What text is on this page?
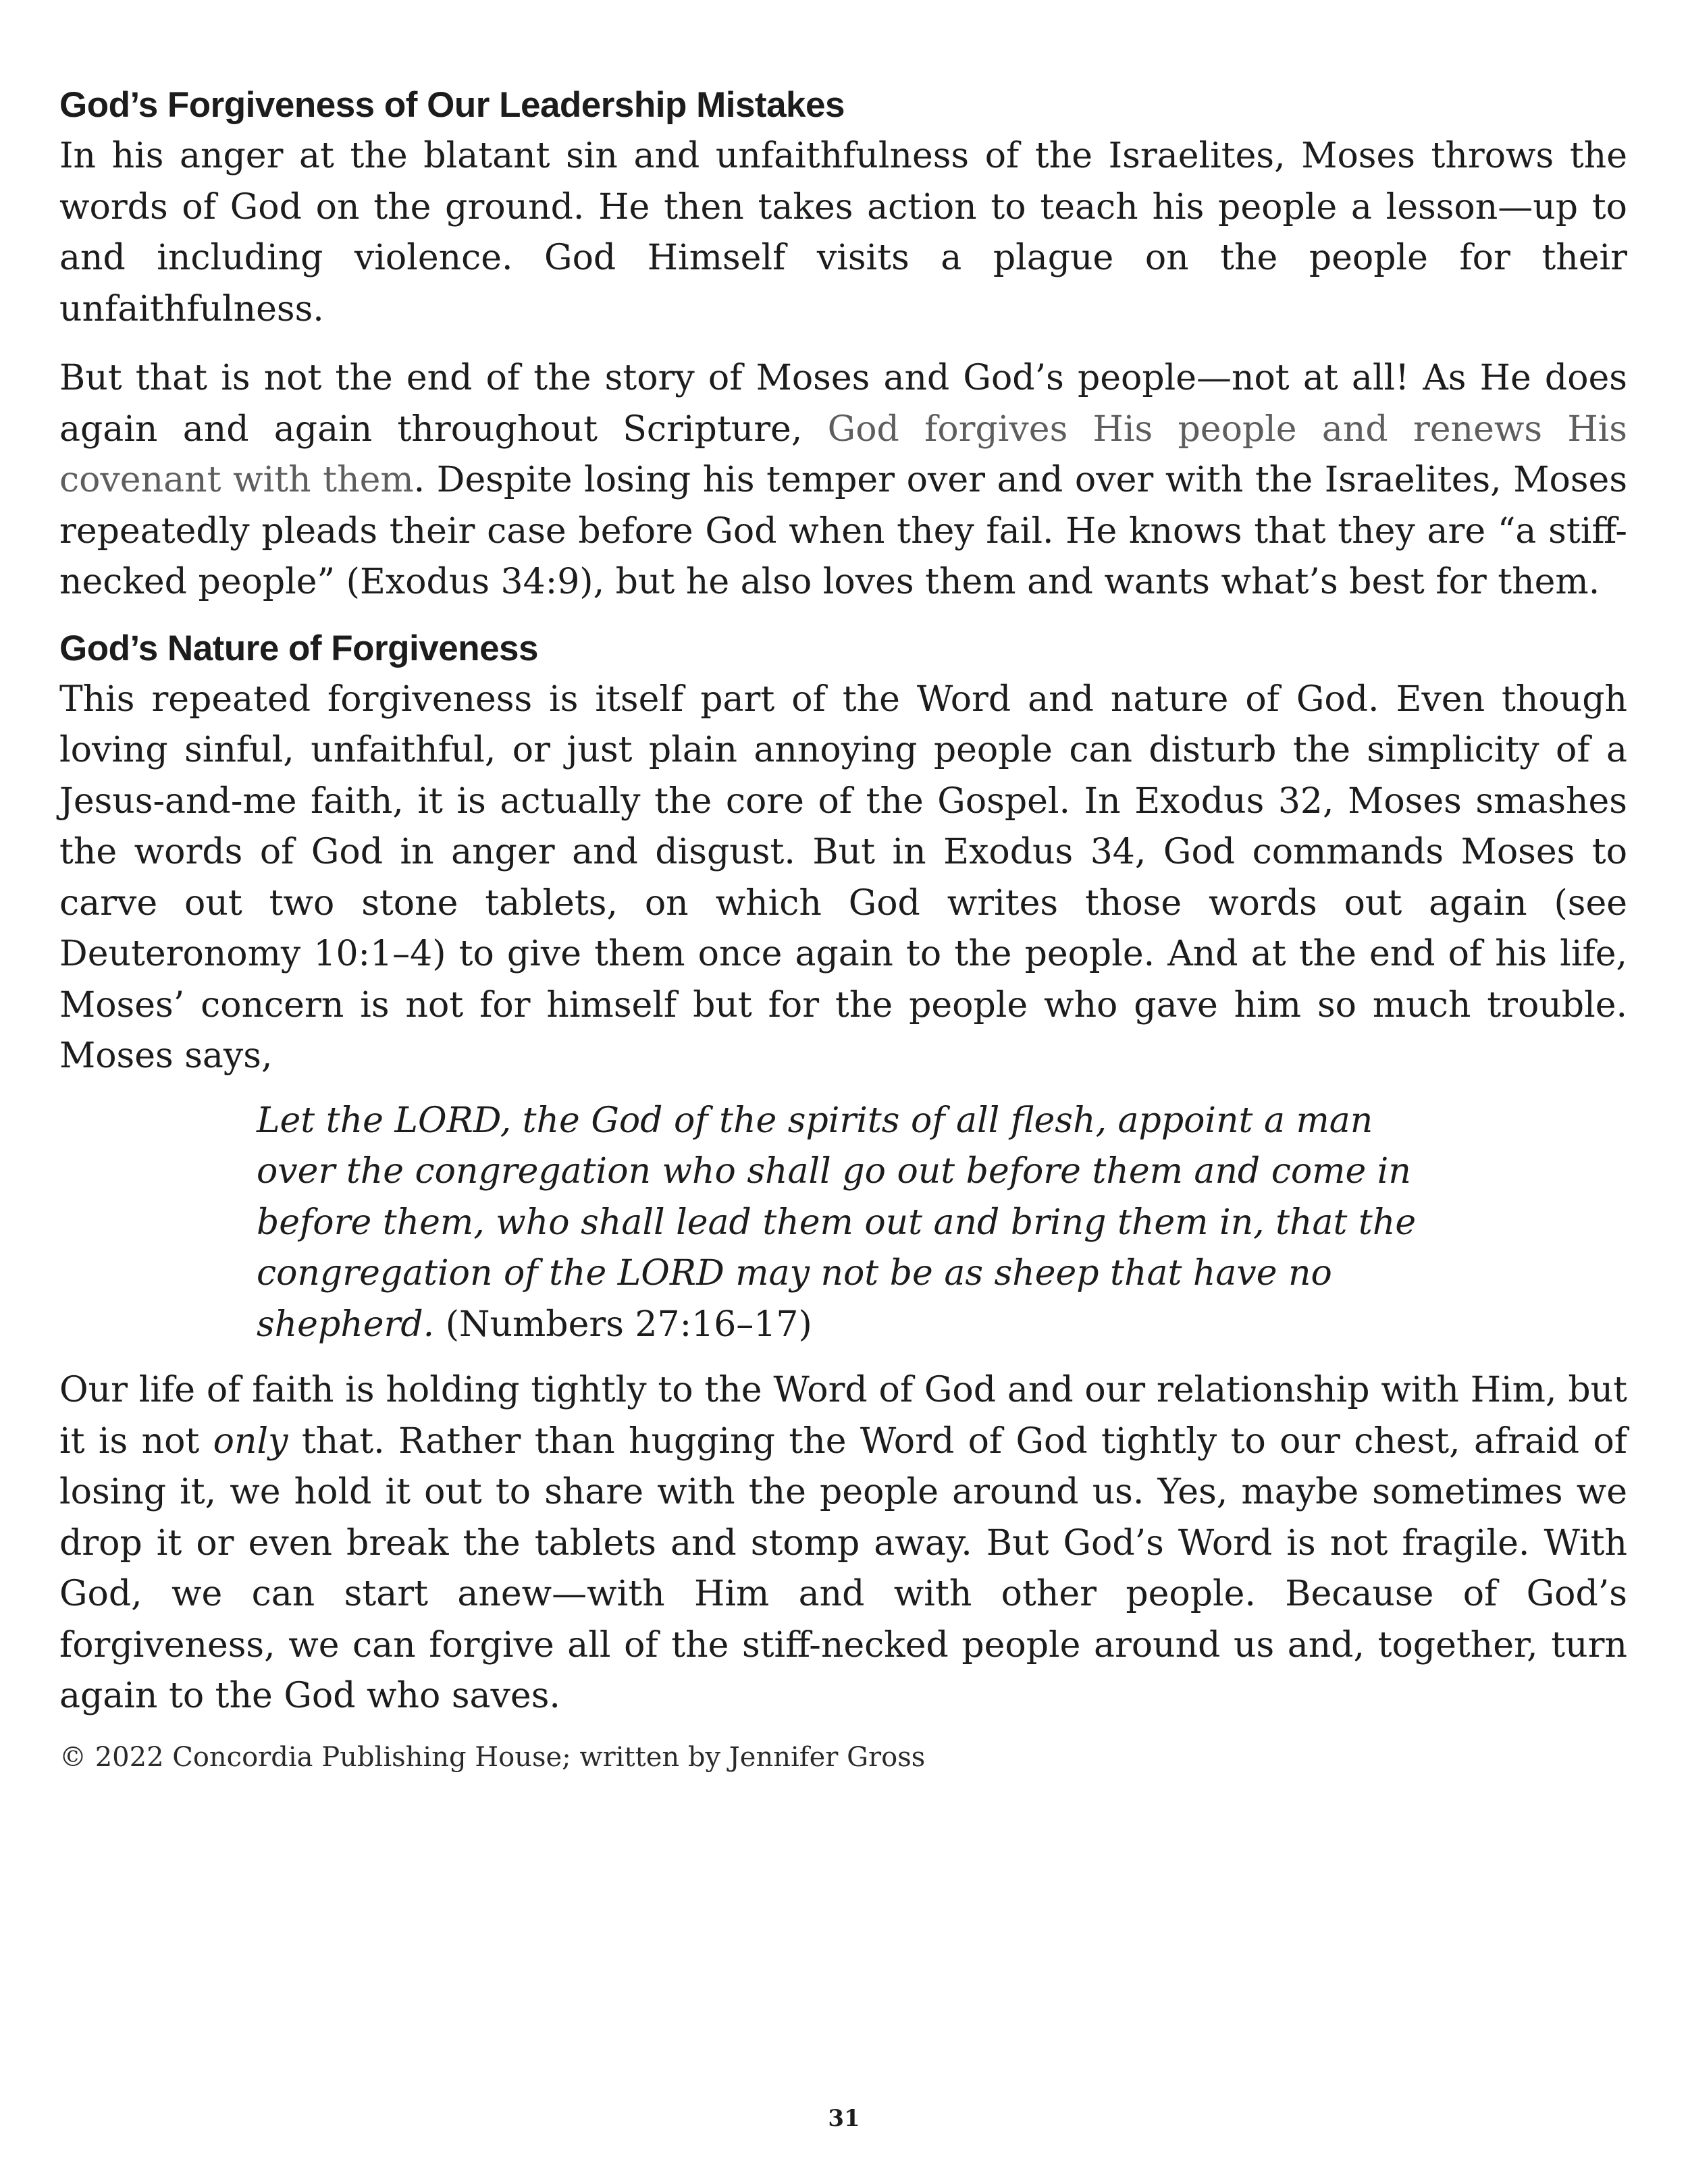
God’s Forgiveness of Our Leadership Mistakes

In his anger at the blatant sin and unfaithfulness of the Israelites, Moses throws the words of God on the ground. He then takes action to teach his people a lesson—up to and including violence. God Himself visits a plague on the people for their unfaithfulness.

But that is not the end of the story of Moses and God’s people—not at all! As He does again and again throughout Scripture, God forgives His people and renews His covenant with them. Despite losing his temper over and over with the Israelites, Moses repeatedly pleads their case before God when they fail. He knows that they are “a stiff-necked people” (Exodus 34:9), but he also loves them and wants what’s best for them.

God’s Nature of Forgiveness

This repeated forgiveness is itself part of the Word and nature of God. Even though loving sinful, unfaithful, or just plain annoying people can disturb the simplicity of a Jesus-and-me faith, it is actually the core of the Gospel. In Exodus 32, Moses smashes the words of God in anger and disgust. But in Exodus 34, God commands Moses to carve out two stone tablets, on which God writes those words out again (see Deuteronomy 10:1–4) to give them once again to the people. And at the end of his life, Moses’ concern is not for himself but for the people who gave him so much trouble. Moses says,

Let the LORD, the God of the spirits of all flesh, appoint a man over the congregation who shall go out before them and come in before them, who shall lead them out and bring them in, that the congregation of the LORD may not be as sheep that have no shepherd. (Numbers 27:16–17)

Our life of faith is holding tightly to the Word of God and our relationship with Him, but it is not only that. Rather than hugging the Word of God tightly to our chest, afraid of losing it, we hold it out to share with the people around us. Yes, maybe sometimes we drop it or even break the tablets and stomp away. But God’s Word is not fragile. With God, we can start anew—with Him and with other people. Because of God’s forgiveness, we can forgive all of the stiff-necked people around us and, together, turn again to the God who saves.

© 2022 Concordia Publishing House; written by Jennifer Gross
31
